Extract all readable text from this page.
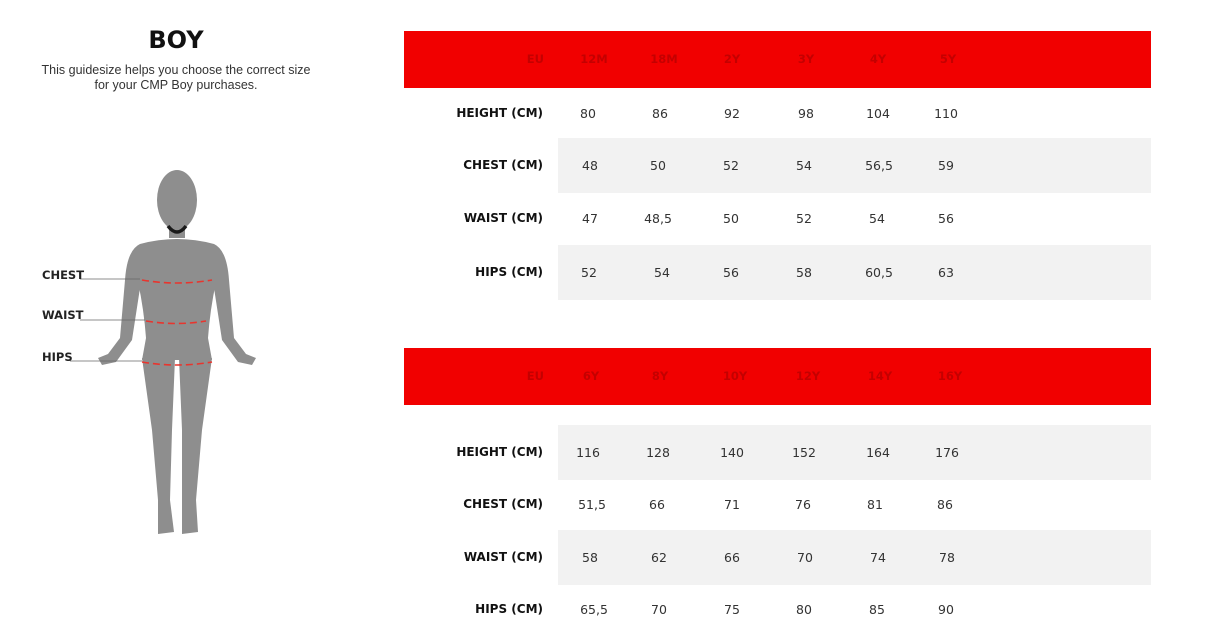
BOY
This guidesize helps you choose the correct size
for your CMP Boy purchases.
CHEST
WAIST
HIPS
EU	12M	18M	2Y	3Y	4Y	5Y
HEIGHT (CM)	80	86	92	98	104	110
CHEST (CM)	48	50	52	54	56,5	59
WAIST (CM)	47	48,5	50	52	54	56
HIPS (CM)	52	54	56	58	60,5	63
EU	6Y	8Y	10Y	12Y	14Y	16Y
HEIGHT (CM)	116	128	140	152	164	176
CHEST (CM)	51,5	66	71	76	81	86
WAIST (CM)	58	62	66	70	74	78
HIPS (CM)	65,5	70	75	80	85	90
